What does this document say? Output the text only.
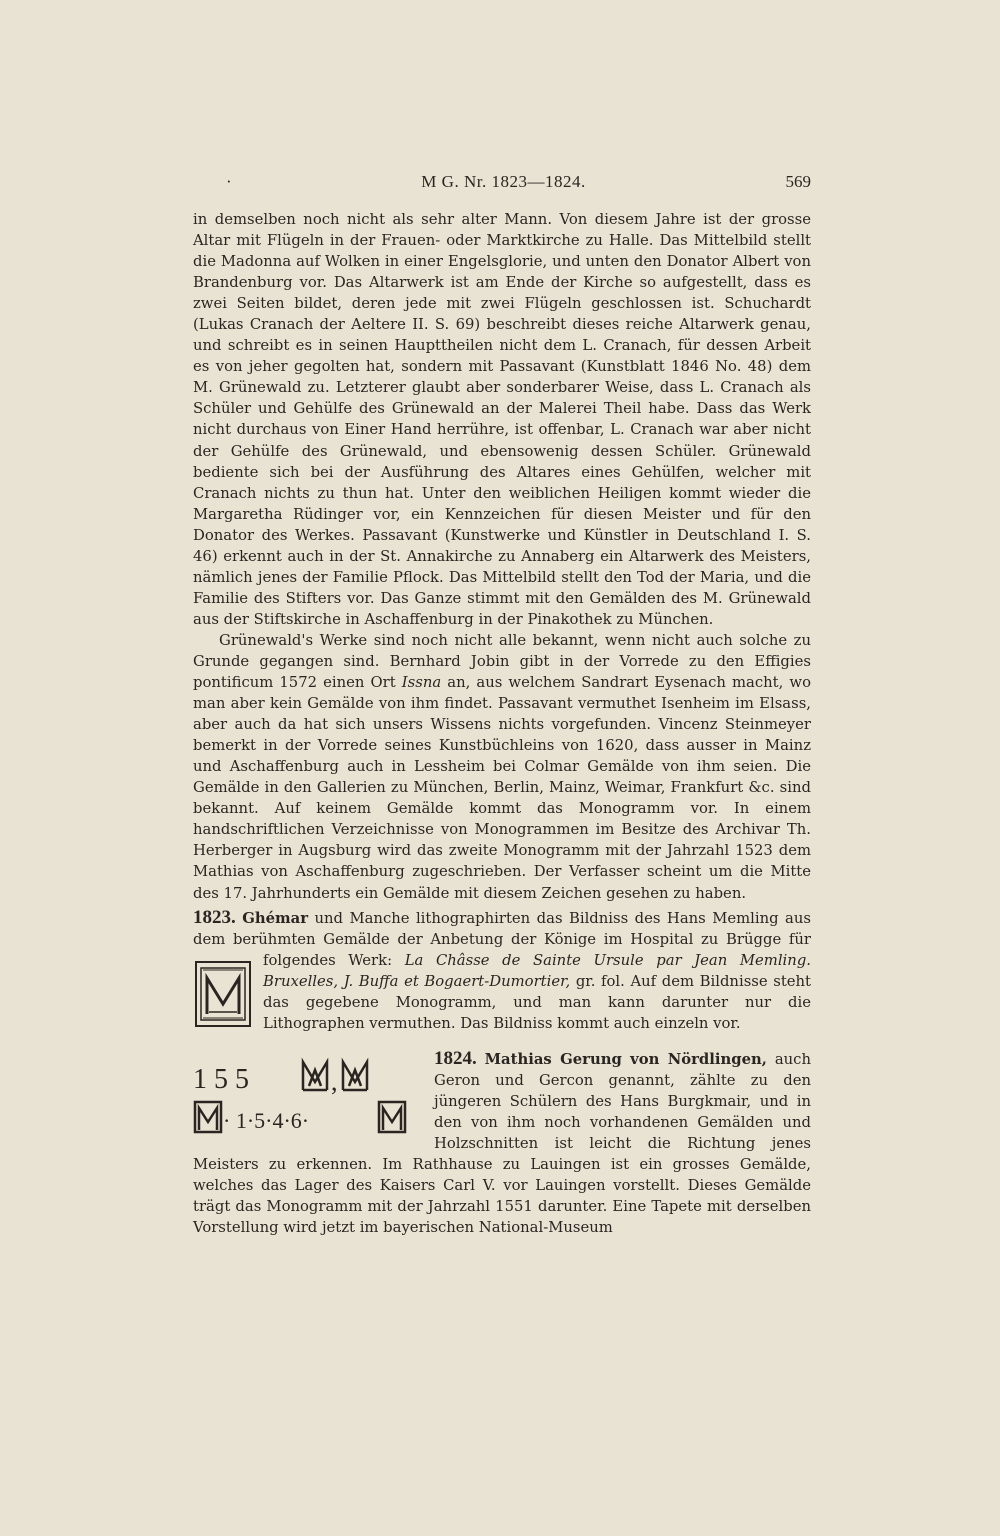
·	M G. Nr. 1823—1824.	569

in demselben noch nicht als sehr alter Mann. Von diesem Jahre ist der grosse Altar mit Flügeln in der Frauen- oder Marktkirche zu Halle. Das Mittelbild stellt die Madonna auf Wolken in einer Engelsglorie, und unten den Donator Albert von Brandenburg vor. Das Altarwerk ist am Ende der Kirche so aufgestellt, dass es zwei Seiten bildet, deren jede mit zwei Flügeln geschlossen ist. Schuchardt (Lukas Cranach der Aeltere II. S. 69) beschreibt dieses reiche Altarwerk genau, und schreibt es in seinen Haupttheilen nicht dem L. Cranach, für dessen Arbeit es von jeher gegolten hat, sondern mit Passavant (Kunstblatt 1846 No. 48) dem M. Grünewald zu. Letzterer glaubt aber sonderbarer Weise, dass L. Cranach als Schüler und Gehülfe des Grünewald an der Malerei Theil habe. Dass das Werk nicht durchaus von Einer Hand herrühre, ist offenbar, L. Cranach war aber nicht der Gehülfe des Grünewald, und ebensowenig dessen Schüler. Grünewald bediente sich bei der Ausführung des Altares eines Gehülfen, welcher mit Cranach nichts zu thun hat. Unter den weiblichen Heiligen kommt wieder die Margaretha Rüdinger vor, ein Kennzeichen für diesen Meister und für den Donator des Werkes. Passavant (Kunstwerke und Künstler in Deutschland I. S. 46) erkennt auch in der St. Annakirche zu Annaberg ein Altarwerk des Meisters, nämlich jenes der Familie Pflock. Das Mittelbild stellt den Tod der Maria, und die Familie des Stifters vor. Das Ganze stimmt mit den Gemälden des M. Grünewald aus der Stiftskirche in Aschaffenburg in der Pinakothek zu München.

Grünewald's Werke sind noch nicht alle bekannt, wenn nicht auch solche zu Grunde gegangen sind. Bernhard Jobin gibt in der Vorrede zu den Effigies pontificum 1572 einen Ort Issna an, aus welchem Sandrart Eysenach macht, wo man aber kein Gemälde von ihm findet. Passavant vermuthet Isenheim im Elsass, aber auch da hat sich unsers Wissens nichts vorgefunden. Vincenz Steinmeyer bemerkt in der Vorrede seines Kunstbüchleins von 1620, dass ausser in Mainz und Aschaffenburg auch in Lessheim bei Colmar Gemälde von ihm seien. Die Gemälde in den Gallerien zu München, Berlin, Mainz, Weimar, Frankfurt &c. sind bekannt. Auf keinem Gemälde kommt das Monogramm vor. In einem handschriftlichen Verzeichnisse von Monogrammen im Besitze des Archivar Th. Herberger in Augsburg wird das zweite Monogramm mit der Jahrzahl 1523 dem Mathias von Aschaffenburg zugeschrieben. Der Verfasser scheint um die Mitte des 17. Jahrhunderts ein Gemälde mit diesem Zeichen gesehen zu haben.

1823. Ghémar und Manche lithographirten das Bildniss des Hans Memling aus dem berühmten Gemälde der Anbetung der Könige im Hospital zu Brügge für folgendes Werk:
La Châsse de Sainte Ursule par Jean Memling. Bruxelles, J. Buffa et Bogaert-Dumortier, gr. fol. Auf dem Bildnisse steht das gegebene Monogramm, und man kann darunter nur die Lithographen vermuthen. Das Bildniss kommt auch einzeln vor.
1824. Mathias Gerung von Nördlingen,
1 5 5	,
· 1·5·4·6·
auch Geron und Gercon genannt, zählte zu den jüngeren Schülern des Hans Burgkmair, und in den von ihm noch vorhandenen Gemälden und Holzschnitten ist leicht die Richtung jenes Meisters zu erkennen. Im Rathhause zu Lauingen ist ein grosses Gemälde, welches das Lager des Kaisers Carl V. vor Lauingen vorstellt. Dieses Gemälde trägt das Monogramm mit der Jahrzahl 1551 darunter. Eine Tapete mit derselben Vorstellung wird jetzt im bayerischen National-Museum
